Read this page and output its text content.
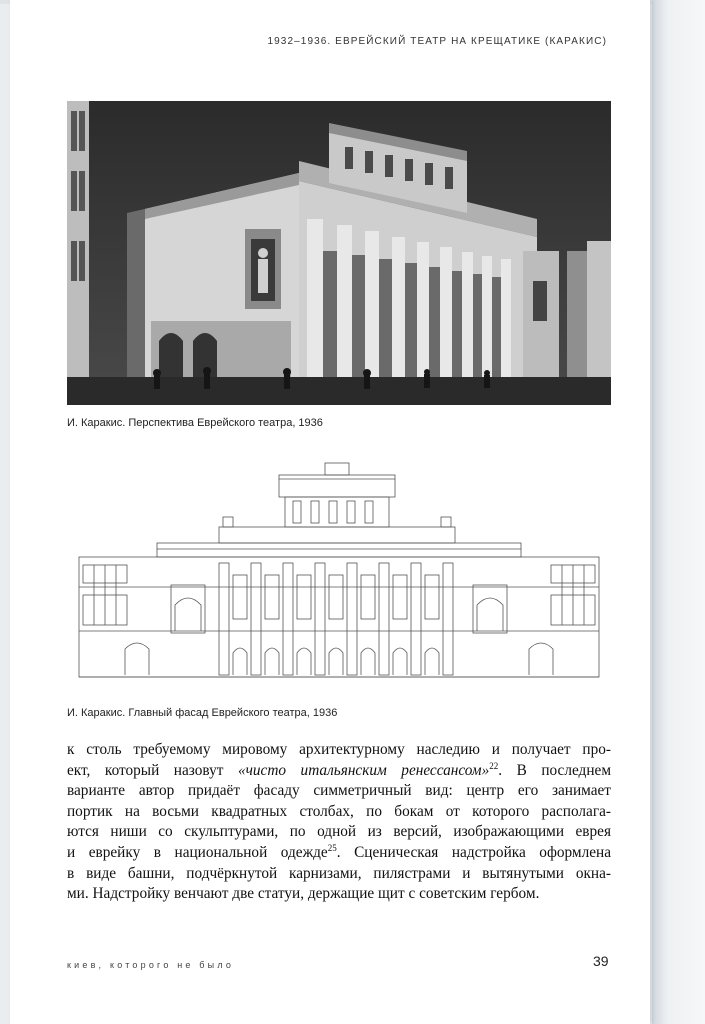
1932–1936. ЕВРЕЙСКИЙ ТЕАТР НА КРЕЩАТИКЕ (КАРАКИС)
И. Каракис. Перспектива Еврейского театра, 1936
И. Каракис. Главный фасад Еврейского театра, 1936
к столь требуемому мировому архитектурному наследию и получает про-
ект, который назовут «чисто итальянским ренессансом»$^{22}$. В последнем
варианте автор придаёт фасаду симметричный вид: центр его занимает
портик на восьми квадратных столбах, по бокам от которого располага-
ются ниши со скульптурами, по одной из версий, изображающими еврея
и еврейку в национальной одежде$^{25}$. Сценическая надстройка оформлена
в виде башни, подчёркнутой карнизами, пилястрами и вытянутыми окна-
ми. Надстройку венчают две статуи, держащие щит с советским гербом.
киев, которого не было	39
